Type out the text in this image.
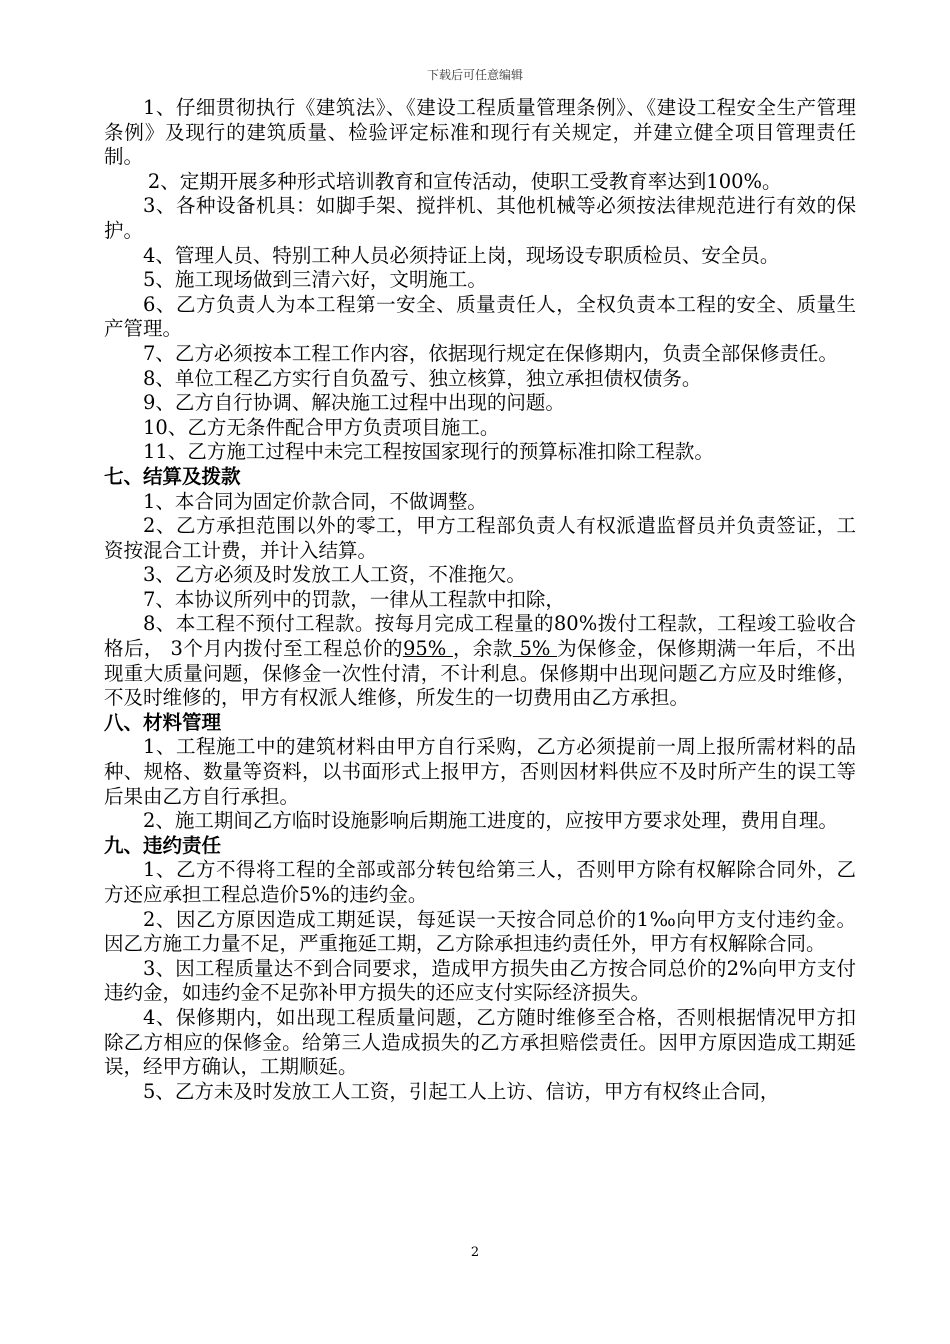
下载后可任意编辑

1、仔细贯彻执行《建筑法》、《建设工程质量管理条例》、《建设工程安全生产管理条例》及现行的建筑质量、检验评定标准和现行有关规定，并建立健全项目管理责任制。

2、定期开展多种形式培训教育和宣传活动，使职工受教育率达到100%。

3、各种设备机具：如脚手架、搅拌机、其他机械等必须按法律规范进行有效的保护。

4、管理人员、特别工种人员必须持证上岗，现场设专职质检员、安全员。

5、施工现场做到三清六好，文明施工。

6、乙方负责人为本工程第一安全、质量责任人，全权负责本工程的安全、质量生产管理。

7、乙方必须按本工程工作内容，依据现行规定在保修期内，负责全部保修责任。

8、单位工程乙方实行自负盈亏、独立核算，独立承担债权债务。

9、乙方自行协调、解决施工过程中出现的问题。

10、乙方无条件配合甲方负责项目施工。

11、乙方施工过程中未完工程按国家现行的预算标准扣除工程款。

七、结算及拨款

1、本合同为固定价款合同，不做调整。

2、乙方承担范围以外的零工，甲方工程部负责人有权派遣监督员并负责签证，工资按混合工计费，并计入结算。

3、乙方必须及时发放工人工资，不准拖欠。

7、本协议所列中的罚款，一律从工程款中扣除，

8、本工程不预付工程款。按每月完成工程量的80%拨付工程款，工程竣工验收合格后， 3个月内拨付至工程总价的95% ，余款 5% 为保修金，保修期满一年后，不出现重大质量问题，保修金一次性付清，不计利息。保修期中出现问题乙方应及时维修，不及时维修的，甲方有权派人维修，所发生的一切费用由乙方承担。

八、材料管理

1、工程施工中的建筑材料由甲方自行采购，乙方必须提前一周上报所需材料的品种、规格、数量等资料，以书面形式上报甲方，否则因材料供应不及时所产生的误工等后果由乙方自行承担。

2、施工期间乙方临时设施影响后期施工进度的，应按甲方要求处理，费用自理。

九、违约责任

1、乙方不得将工程的全部或部分转包给第三人，否则甲方除有权解除合同外，乙方还应承担工程总造价5%的违约金。

2、因乙方原因造成工期延误，每延误一天按合同总价的1‰向甲方支付违约金。因乙方施工力量不足，严重拖延工期，乙方除承担违约责任外，甲方有权解除合同。

3、因工程质量达不到合同要求，造成甲方损失由乙方按合同总价的2%向甲方支付违约金，如违约金不足弥补甲方损失的还应支付实际经济损失。

4、保修期内，如出现工程质量问题，乙方随时维修至合格，否则根据情况甲方扣除乙方相应的保修金。给第三人造成损失的乙方承担赔偿责任。因甲方原因造成工期延误，经甲方确认，工期顺延。

5、乙方未及时发放工人工资，引起工人上访、信访，甲方有权终止合同，

2
